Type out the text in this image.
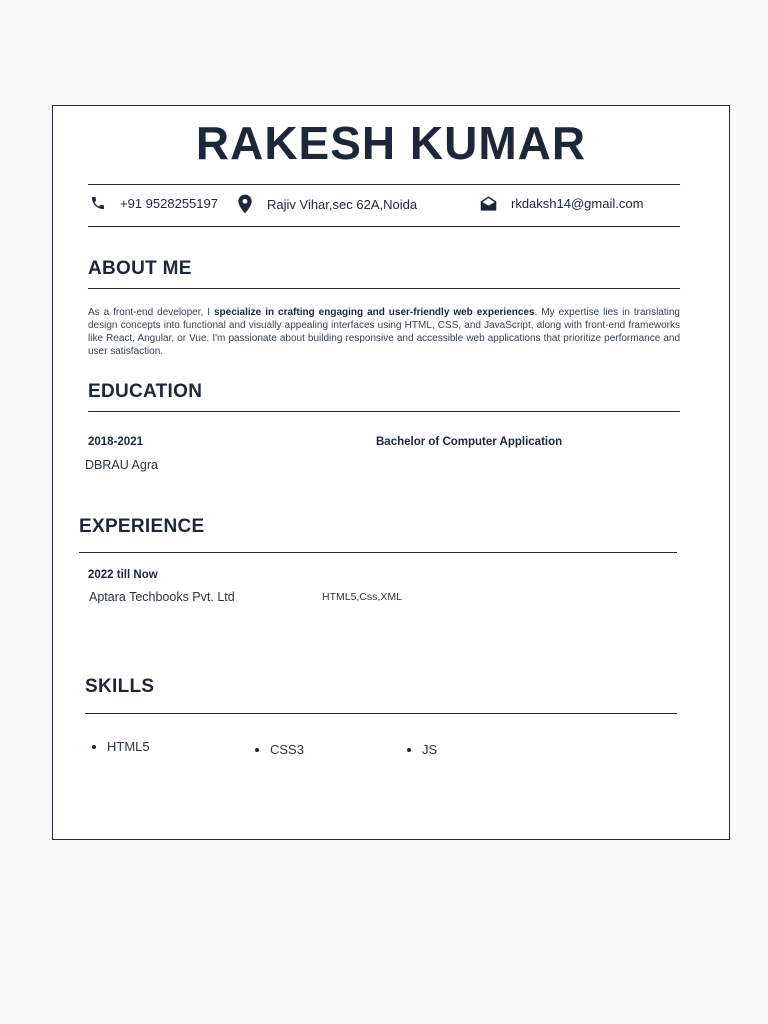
RAKESH KUMAR
+91 9528255197	Rajiv Vihar,sec 62A,Noida	rkdaksh14@gmail.com
ABOUT ME
As a front-end developer, I specialize in crafting engaging and user-friendly web experiences. My expertise lies in translating design concepts into functional and visually appealing interfaces using HTML, CSS, and JavaScript, along with front-end frameworks like React, Angular, or Vue. I'm passionate about building responsive and accessible web applications that prioritize performance and user satisfaction.
EDUCATION
2018-2021	Bachelor of Computer Application
DBRAU Agra
EXPERIENCE
2022 till Now
Aptara Techbooks Pvt. Ltd	HTML5,Css,XML
SKILLS
HTML5	CSS3	JS
